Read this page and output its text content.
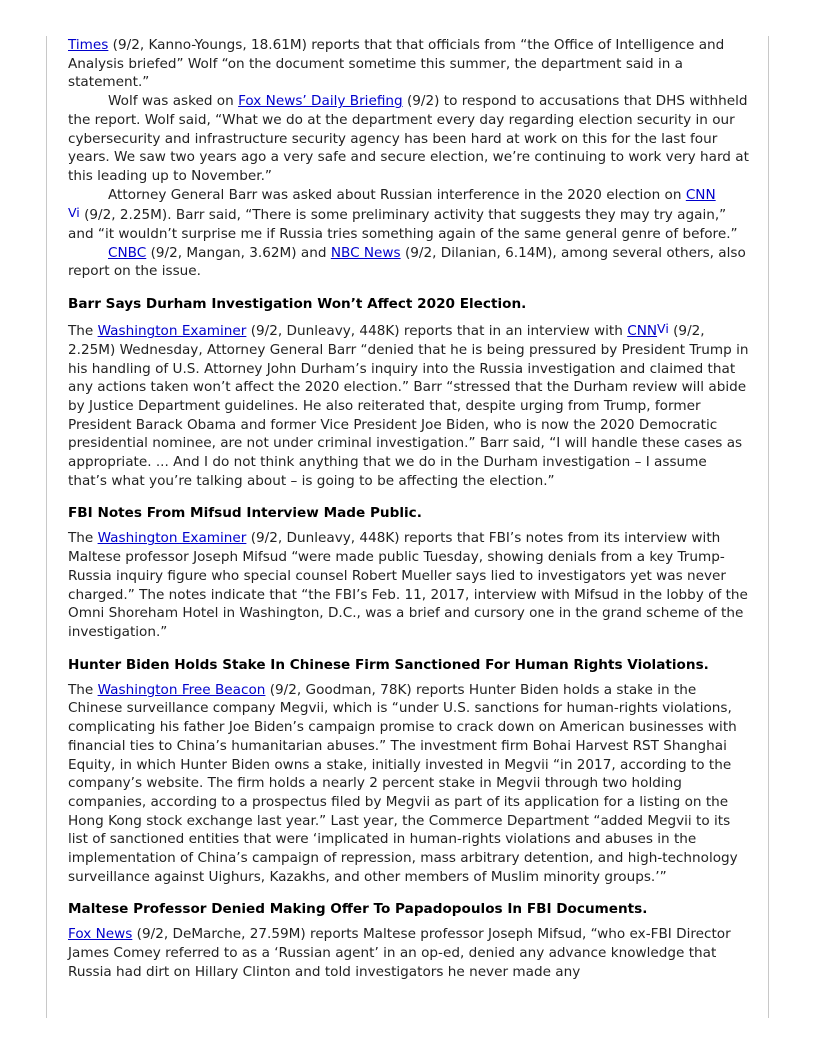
Times (9/2, Kanno-Youngs, 18.61M) reports that that officials from “the Office of Intelligence and Analysis briefed” Wolf “on the document sometime this summer, the department said in a statement.”

Wolf was asked on Fox News’ Daily Briefing (9/2) to respond to accusations that DHS withheld the report. Wolf said, “What we do at the department every day regarding election security in our cybersecurity and infrastructure security agency has been hard at work on this for the last four years. We saw two years ago a very safe and secure election, we’re continuing to work very hard at this leading up to November.”

Attorney General Barr was asked about Russian interference in the 2020 election on CNN
$^{Vi}$ (9/2, 2.25M). Barr said, “There is some preliminary activity that suggests they may try again,” and “it wouldn’t surprise me if Russia tries something again of the same general genre of before.”

CNBC (9/2, Mangan, 3.62M) and NBC News (9/2, Dilanian, 6.14M), among several others, also report on the issue.

Barr Says Durham Investigation Won’t Affect 2020 Election.

The Washington Examiner (9/2, Dunleavy, 448K) reports that in an interview with $CNN^{Vi}$ (9/2, 2.25M) Wednesday, Attorney General Barr “denied that he is being pressured by President Trump in his handling of U.S. Attorney John Durham’s inquiry into the Russia investigation and claimed that any actions taken won’t affect the 2020 election.” Barr “stressed that the Durham review will abide by Justice Department guidelines. He also reiterated that, despite urging from Trump, former President Barack Obama and former Vice President Joe Biden, who is now the 2020 Democratic presidential nominee, are not under criminal investigation.” Barr said, “I will handle these cases as appropriate. ... And I do not think anything that we do in the Durham investigation – I assume that’s what you’re talking about – is going to be affecting the election.”

FBI Notes From Mifsud Interview Made Public.

The Washington Examiner (9/2, Dunleavy, 448K) reports that FBI’s notes from its interview with Maltese professor Joseph Mifsud “were made public Tuesday, showing denials from a key Trump-Russia inquiry figure who special counsel Robert Mueller says lied to investigators yet was never charged.” The notes indicate that “the FBI’s Feb. 11, 2017, interview with Mifsud in the lobby of the Omni Shoreham Hotel in Washington, D.C., was a brief and cursory one in the grand scheme of the investigation.”

Hunter Biden Holds Stake In Chinese Firm Sanctioned For Human Rights Violations.

The Washington Free Beacon (9/2, Goodman, 78K) reports Hunter Biden holds a stake in the Chinese surveillance company Megvii, which is “under U.S. sanctions for human-rights violations, complicating his father Joe Biden’s campaign promise to crack down on American businesses with financial ties to China’s humanitarian abuses.” The investment firm Bohai Harvest RST Shanghai Equity, in which Hunter Biden owns a stake, initially invested in Megvii “in 2017, according to the company’s website. The firm holds a nearly 2 percent stake in Megvii through two holding companies, according to a prospectus filed by Megvii as part of its application for a listing on the Hong Kong stock exchange last year.” Last year, the Commerce Department “added Megvii to its list of sanctioned entities that were ‘implicated in human-rights violations and abuses in the implementation of China’s campaign of repression, mass arbitrary detention, and high-technology surveillance against Uighurs, Kazakhs, and other members of Muslim minority groups.’”

Maltese Professor Denied Making Offer To Papadopoulos In FBI Documents.

Fox News (9/2, DeMarche, 27.59M) reports Maltese professor Joseph Mifsud, “who ex-FBI Director James Comey referred to as a ‘Russian agent’ in an op-ed, denied any advance knowledge that Russia had dirt on Hillary Clinton and told investigators he never made any
